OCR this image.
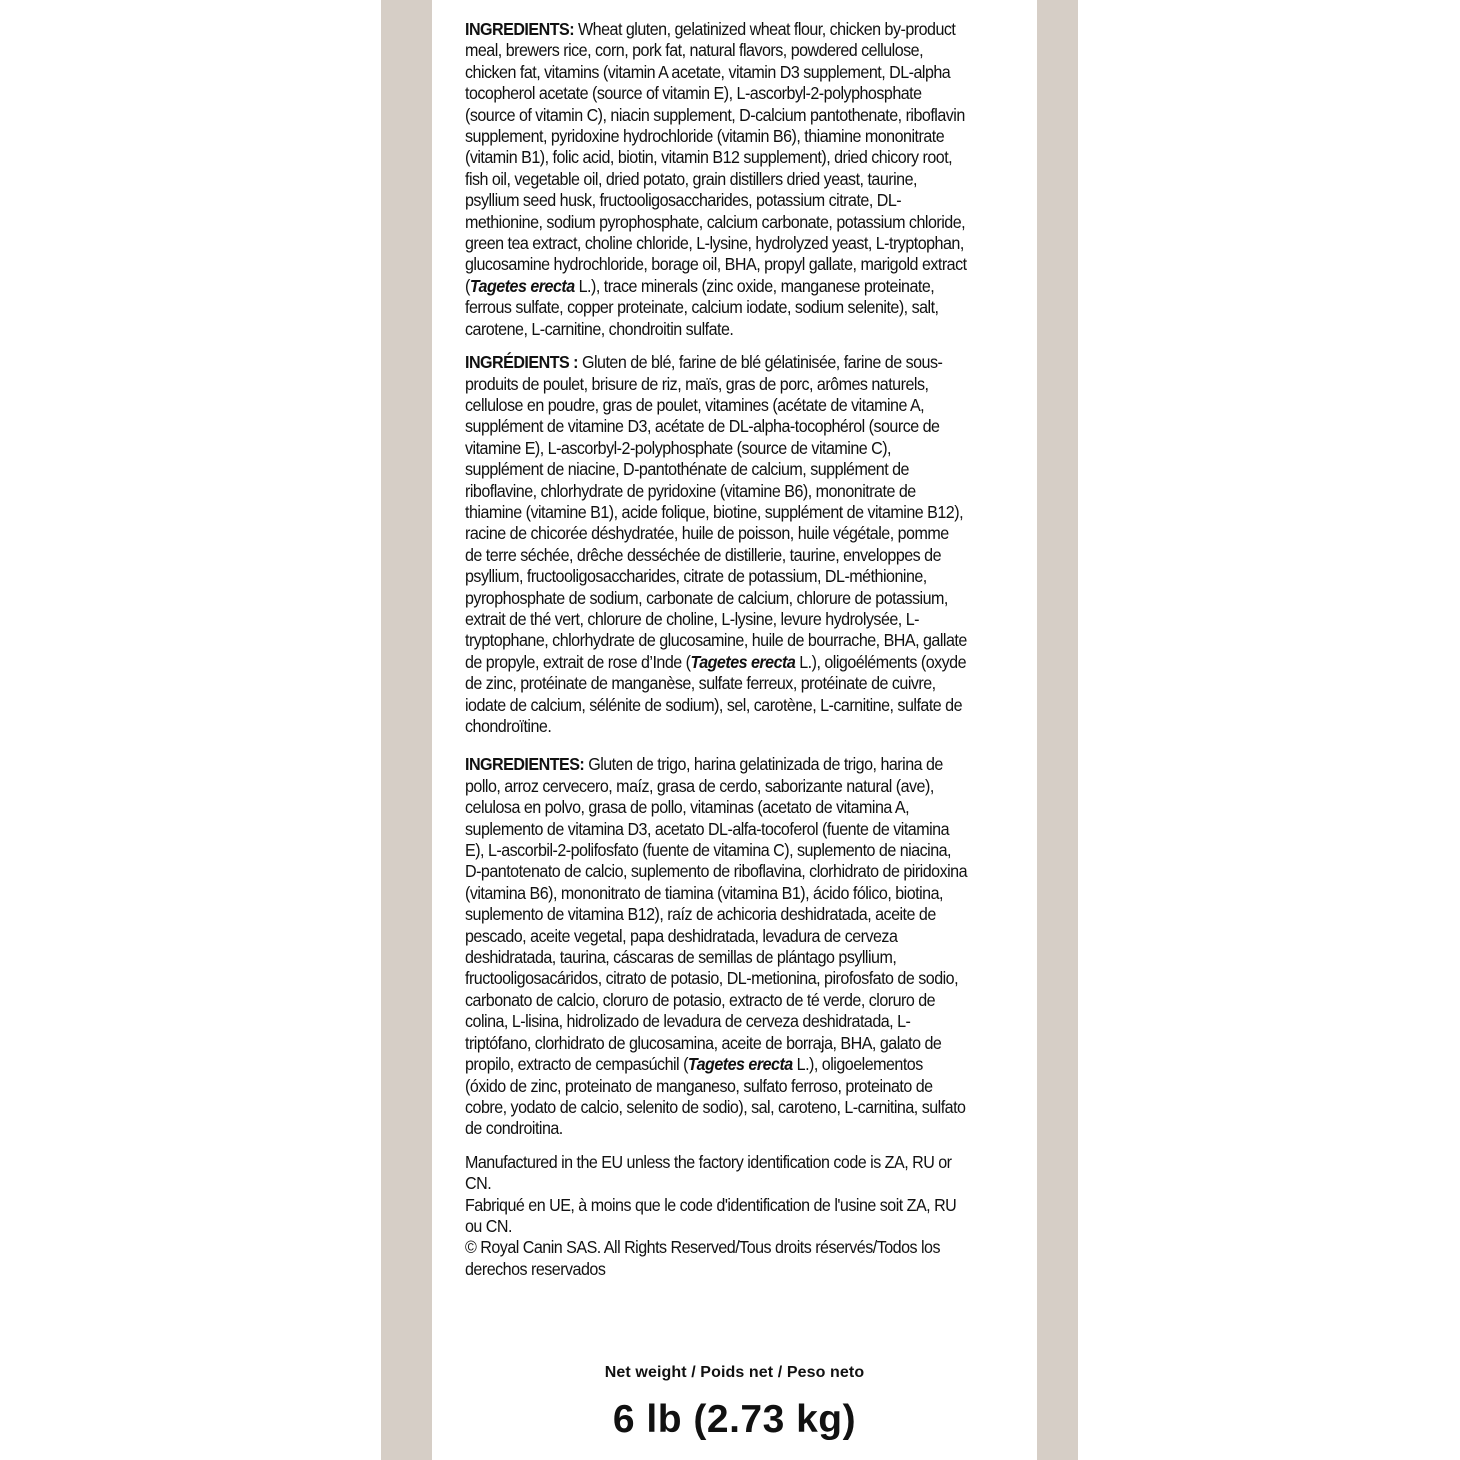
INGREDIENTS: Wheat gluten, gelatinized wheat flour, chicken by-product meal, brewers rice, corn, pork fat, natural flavors, powdered cellulose, chicken fat, vitamins (vitamin A acetate, vitamin D3 supplement, DL-alpha tocopherol acetate (source of vitamin E), L-ascorbyl-2-polyphosphate (source of vitamin C), niacin supplement, D-calcium pantothenate, riboflavin supplement, pyridoxine hydrochloride (vitamin B6), thiamine mononitrate (vitamin B1), folic acid, biotin, vitamin B12 supplement), dried chicory root, fish oil, vegetable oil, dried potato, grain distillers dried yeast, taurine, psyllium seed husk, fructooligosaccharides, potassium citrate, DL-methionine, sodium pyrophosphate, calcium carbonate, potassium chloride, green tea extract, choline chloride, L-lysine, hydrolyzed yeast, L-tryptophan, glucosamine hydrochloride, borage oil, BHA, propyl gallate, marigold extract (Tagetes erecta L.), trace minerals (zinc oxide, manganese proteinate, ferrous sulfate, copper proteinate, calcium iodate, sodium selenite), salt, carotene, L-carnitine, chondroitin sulfate.

INGRÉDIENTS : Gluten de blé, farine de blé gélatinisée, farine de sous-produits de poulet, brisure de riz, maïs, gras de porc, arômes naturels, cellulose en poudre, gras de poulet, vitamines (acétate de vitamine A, supplément de vitamine D3, acétate de DL-alpha-tocophérol (source de vitamine E), L-ascorbyl-2-polyphosphate (source de vitamine C), supplément de niacine, D-pantothénate de calcium, supplément de riboflavine, chlorhydrate de pyridoxine (vitamine B6), mononitrate de thiamine (vitamine B1), acide folique, biotine, supplément de vitamine B12), racine de chicorée déshydratée, huile de poisson, huile végétale, pomme de terre séchée, drêche desséchée de distillerie, taurine, enveloppes de psyllium, fructooligosaccharides, citrate de potassium, DL-méthionine, pyrophosphate de sodium, carbonate de calcium, chlorure de potassium, extrait de thé vert, chlorure de choline, L-lysine, levure hydrolysée, L-tryptophane, chlorhydrate de glucosamine, huile de bourrache, BHA, gallate de propyle, extrait de rose d’Inde (Tagetes erecta L.), oligoéléments (oxyde de zinc, protéinate de manganèse, sulfate ferreux, protéinate de cuivre, iodate de calcium, sélénite de sodium), sel, carotène, L-carnitine, sulfate de chondroïtine.

INGREDIENTES: Gluten de trigo, harina gelatinizada de trigo, harina de pollo, arroz cervecero, maíz, grasa de cerdo, saborizante natural (ave), celulosa en polvo, grasa de pollo, vitaminas (acetato de vitamina A, suplemento de vitamina D3, acetato DL-alfa-tocoferol (fuente de vitamina E), L-ascorbil-2-polifosfato (fuente de vitamina C), suplemento de niacina, D-pantotenato de calcio, suplemento de riboflavina, clorhidrato de piridoxina (vitamina B6), mononitrato de tiamina (vitamina B1), ácido fólico, biotina, suplemento de vitamina B12), raíz de achicoria deshidratada, aceite de pescado, aceite vegetal, papa deshidratada, levadura de cerveza deshidratada, taurina, cáscaras de semillas de plántago psyllium, fructooligosacáridos, citrato de potasio, DL-metionina, pirofosfato de sodio, carbonato de calcio, cloruro de potasio, extracto de té verde, cloruro de colina, L-lisina, hidrolizado de levadura de cerveza deshidratada, L-triptófano, clorhidrato de glucosamina, aceite de borraja, BHA, galato de propilo, extracto de cempasúchil (Tagetes erecta L.), oligoelementos (óxido de zinc, proteinato de manganeso, sulfato ferroso, proteinato de cobre, yodato de calcio, selenito de sodio), sal, caroteno, L-carnitina, sulfato de condroitina.

Manufactured in the EU unless the factory identification code is ZA, RU or CN.

Fabriqué en UE, à moins que le code d'identification de l'usine soit ZA, RU ou CN.

© Royal Canin SAS. All Rights Reserved/Tous droits réservés/Todos los derechos reservados

Net weight / Poids net / Peso neto
6 lb (2.73 kg)
